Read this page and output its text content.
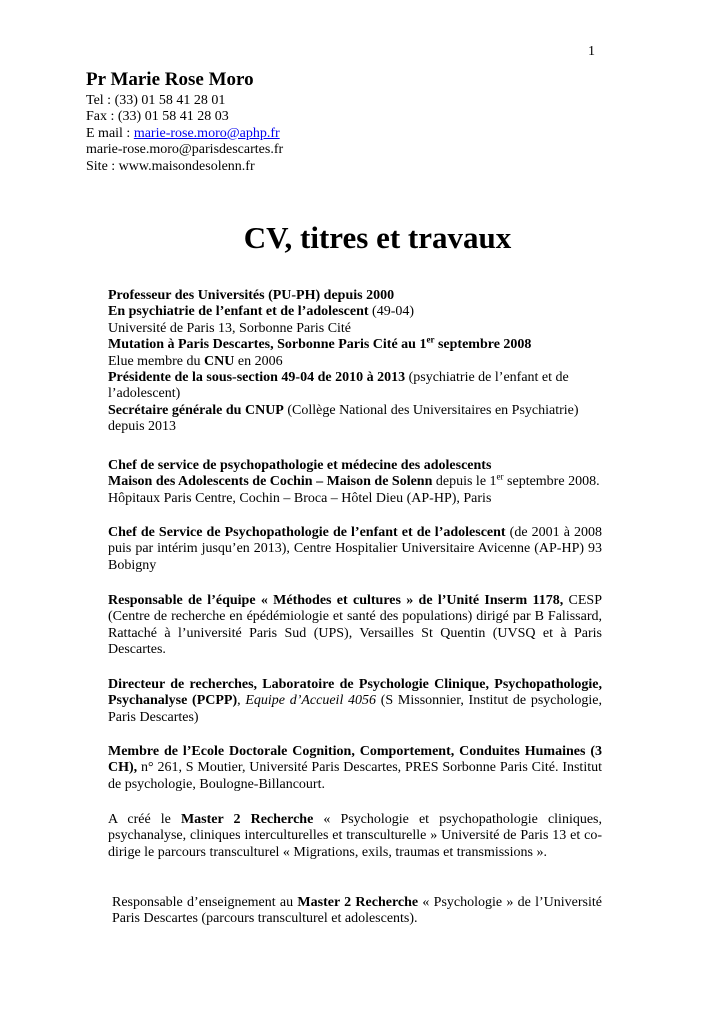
1
Pr Marie Rose Moro
Tel : (33) 01 58 41 28 01
Fax : (33) 01 58 41 28 03
E mail : marie-rose.moro@aphp.fr
marie-rose.moro@parisdescartes.fr
Site : www.maisondesolenn.fr
CV, titres et travaux

Professeur des Universités (PU-PH) depuis 2000

En psychiatrie de l’enfant et de l’adolescent (49-04)

Université de Paris 13, Sorbonne Paris Cité

Mutation à Paris Descartes, Sorbonne Paris Cité au 1er septembre 2008

Elue membre du CNU en 2006

Présidente de la sous-section 49-04 de 2010 à 2013 (psychiatrie de l’enfant et de l’adolescent)

Secrétaire générale du CNUP (Collège National des Universitaires en Psychiatrie) depuis 2013

Chef de service de psychopathologie et médecine des adolescents

Maison des Adolescents de Cochin – Maison de Solenn depuis le 1er septembre 2008. Hôpitaux Paris Centre, Cochin – Broca – Hôtel Dieu (AP-HP), Paris

Chef de Service de Psychopathologie de l’enfant et de l’adolescent (de 2001 à 2008 puis par intérim jusqu’en 2013), Centre Hospitalier Universitaire Avicenne (AP-HP) 93 Bobigny

Responsable de l’équipe « Méthodes et cultures » de l’Unité Inserm 1178, CESP (Centre de recherche en épédémiologie et santé des populations) dirigé par B Falissard, Rattaché à l’université Paris Sud (UPS), Versailles St Quentin (UVSQ et à Paris Descartes.

Directeur de recherches, Laboratoire de Psychologie Clinique, Psychopathologie, Psychanalyse (PCPP), Equipe d’Accueil 4056 (S Missonnier, Institut de psychologie, Paris Descartes)

Membre de l’Ecole Doctorale Cognition, Comportement, Conduites Humaines (3 CH), n° 261, S Moutier, Université Paris Descartes, PRES Sorbonne Paris Cité. Institut de psychologie, Boulogne-Billancourt.

A créé le Master 2 Recherche « Psychologie et psychopathologie cliniques, psychanalyse, cliniques interculturelles et transculturelle » Université de Paris 13 et co-dirige le parcours transculturel « Migrations, exils, traumas et transmissions ».

Responsable d’enseignement au Master 2 Recherche « Psychologie » de l’Université Paris Descartes (parcours transculturel et adolescents).
